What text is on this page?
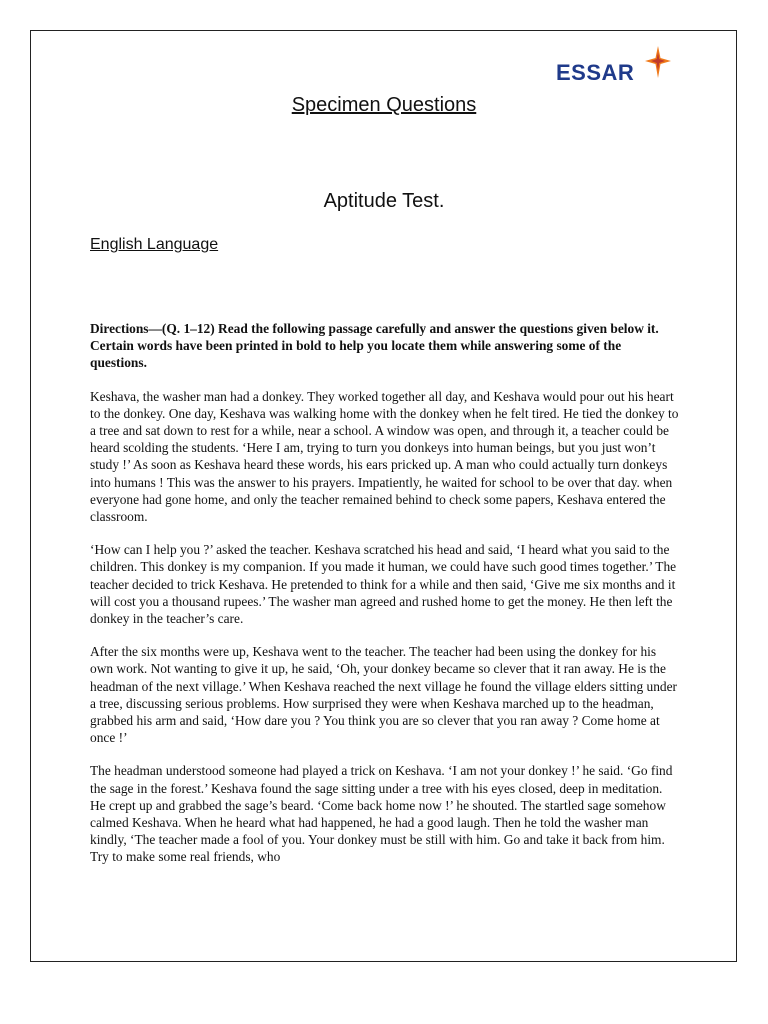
ESSAR
Specimen Questions
Aptitude Test.
English Language

Directions—(Q. 1–12) Read the following passage carefully and answer the questions given below it. Certain words have been printed in bold to help you locate them while answering some of the questions.

Keshava, the washer man had a donkey. They worked together all day, and Keshava would pour out his heart to the donkey. One day, Keshava was walking home with the donkey when he felt tired. He tied the donkey to a tree and sat down to rest for a while, near a school. A window was open, and through it, a teacher could be heard scolding the students. ‘Here I am, trying to turn you donkeys into human beings, but you just won’t study !’ As soon as Keshava heard these words, his ears pricked up. A man who could actually turn donkeys into humans ! This was the answer to his prayers. Impatiently, he waited for school to be over that day. when everyone had gone home, and only the teacher remained behind to check some papers, Keshava entered the classroom.

‘How can I help you ?’ asked the teacher. Keshava scratched his head and said, ‘I heard what you said to the children. This donkey is my companion. If you made it human, we could have such good times together.’ The teacher decided to trick Keshava. He pretended to think for a while and then said, ‘Give me six months and it will cost you a thousand rupees.’ The washer man agreed and rushed home to get the money. He then left the donkey in the teacher’s care.

After the six months were up, Keshava went to the teacher. The teacher had been using the donkey for his own work. Not wanting to give it up, he said, ‘Oh, your donkey became so clever that it ran away. He is the headman of the next village.’ When Keshava reached the next village he found the village elders sitting under a tree, discussing serious problems. How surprised they were when Keshava marched up to the headman, grabbed his arm and said, ‘How dare you ? You think you are so clever that you ran away ? Come home at once !’

The headman understood someone had played a trick on Keshava. ‘I am not your donkey !’ he said. ‘Go find the sage in the forest.’ Keshava found the sage sitting under a tree with his eyes closed, deep in meditation. He crept up and grabbed the sage’s beard. ‘Come back home now !’ he shouted. The startled sage somehow calmed Keshava. When he heard what had happened, he had a good laugh. Then he told the washer man kindly, ‘The teacher made a fool of you. Your donkey must be still with him. Go and take it back from him. Try to make some real friends, who
